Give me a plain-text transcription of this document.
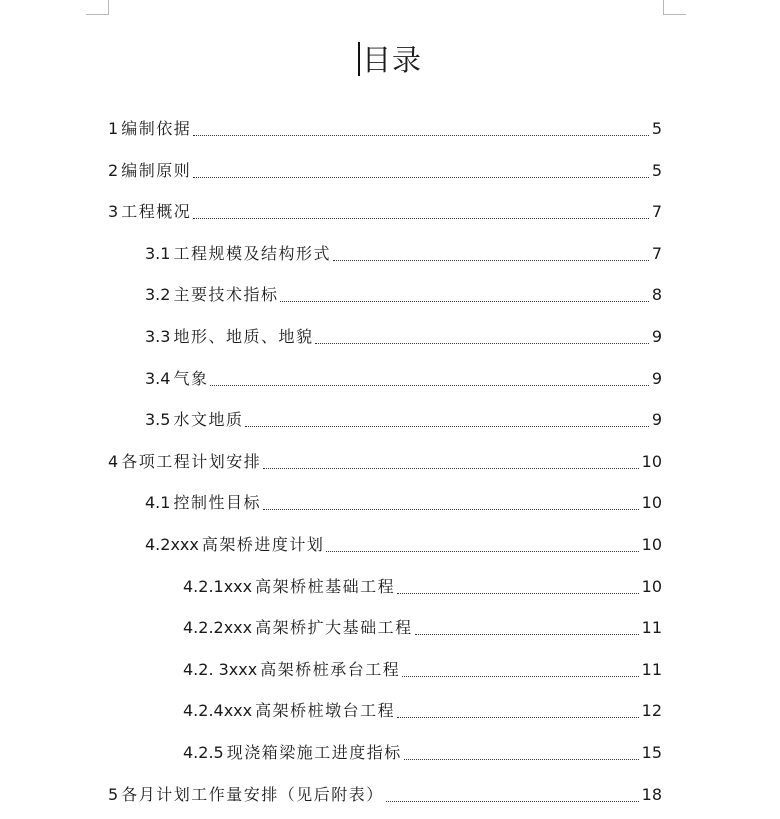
目录
1 编制依据	5
2 编制原则	5
3 工程概况	7
3.1 工程规模及结构形式	7
3.2 主要技术指标	8
3.3 地形、地质、地貌	9
3.4 气象	9
3.5 水文地质	9
4 各项工程计划安排	10
4.1 控制性目标	10
4.2xxx 高架桥进度计划	10
4.2.1xxx 高架桥桩基础工程	10
4.2.2xxx 高架桥扩大基础工程	11
4.2. 3xxx 高架桥桩承台工程	11
4.2.4xxx 高架桥桩墩台工程	12
4.2.5 现浇箱梁施工进度指标	15
5 各月计划工作量安排（见后附表）	18
